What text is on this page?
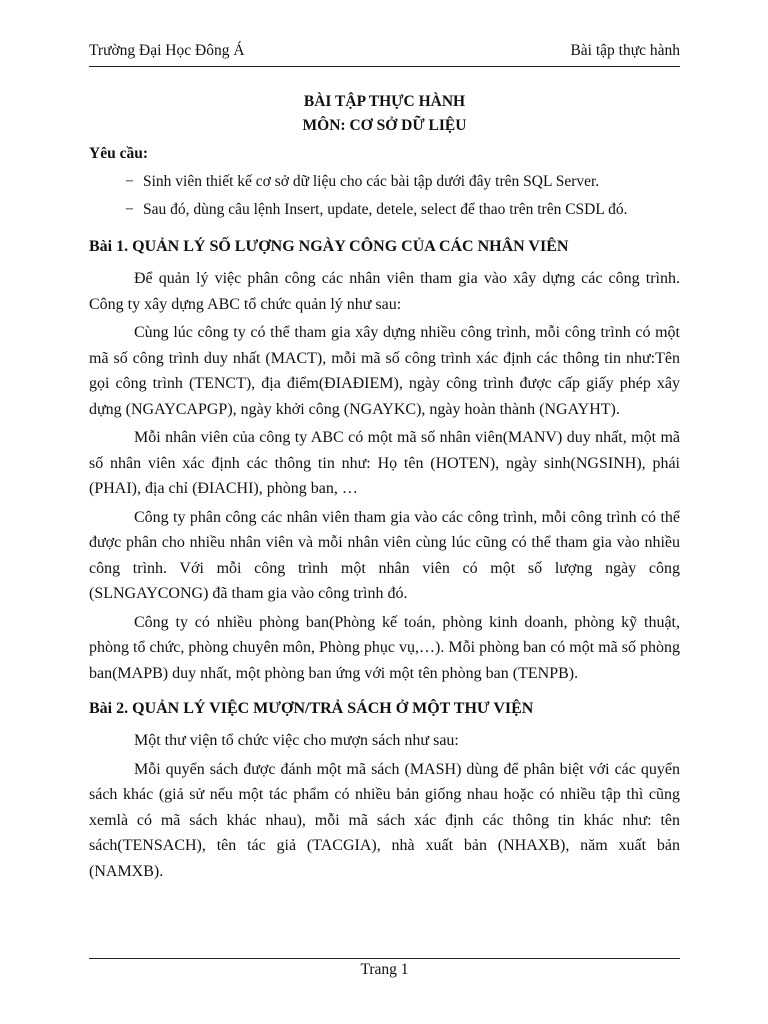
Trường Đại Học Đông Á	Bài tập thực hành
BÀI TẬP THỰC HÀNH
MÔN: CƠ SỞ DỮ LIỆU
Yêu cầu:
− Sinh viên thiết kế cơ sở dữ liệu cho các bài tập dưới đây trên SQL Server.
− Sau đó, dùng câu lệnh Insert, update, detele, select để thao trên trên CSDL đó.
Bài 1. QUẢN LÝ SỐ LƯỢNG NGÀY CÔNG CỦA CÁC NHÂN VIÊN

Để quản lý việc phân công các nhân viên tham gia vào xây dựng các công trình. Công ty xây dựng ABC tổ chức quản lý như sau:

Cùng lúc công ty có thể tham gia xây dựng nhiều công trình, mỗi công trình có một mã số công trình duy nhất (MACT), mỗi mã số công trình xác định các thông tin như:Tên gọi công trình (TENCT), địa điểm(ĐIAĐIEM), ngày công trình được cấp giấy phép xây dựng (NGAYCAPGP), ngày khởi công (NGAYKC), ngày hoàn thành (NGAYHT).

Mỗi nhân viên của công ty ABC có một mã số nhân viên(MANV) duy nhất, một mã số nhân viên xác định các thông tin như: Họ tên (HOTEN), ngày sinh(NGSINH), phái (PHAI), địa chỉ (ĐIACHI), phòng ban, …

Công ty phân công các nhân viên tham gia vào các công trình, mỗi công trình có thể được phân cho nhiều nhân viên và mỗi nhân viên cùng lúc cũng có thể tham gia vào nhiều công trình. Với mỗi công trình một nhân viên có một số lượng ngày công (SLNGAYCONG) đã tham gia vào công trình đó.

Công ty có nhiều phòng ban(Phòng kế toán, phòng kinh doanh, phòng kỹ thuật, phòng tổ chức, phòng chuyên môn, Phòng phục vụ,…). Mỗi phòng ban có một mã số phòng ban(MAPB) duy nhất, một phòng ban ứng với một tên phòng ban (TENPB).

Bài 2. QUẢN LÝ VIỆC MƯỢN/TRẢ SÁCH Ở MỘT THƯ VIỆN

Một thư viện tổ chức việc cho mượn sách như sau:

Mỗi quyển sách được đánh một mã sách (MASH) dùng để phân biệt với các quyển sách khác (giả sử nếu một tác phẩm có nhiều bản giống nhau hoặc có nhiều tập thì cũng xemlà có mã sách khác nhau), mỗi mã sách xác định các thông tin khác như: tên sách(TENSACH), tên tác giả (TACGIA), nhà xuất bản (NHAXB), năm xuất bản (NAMXB).

Trang 1
